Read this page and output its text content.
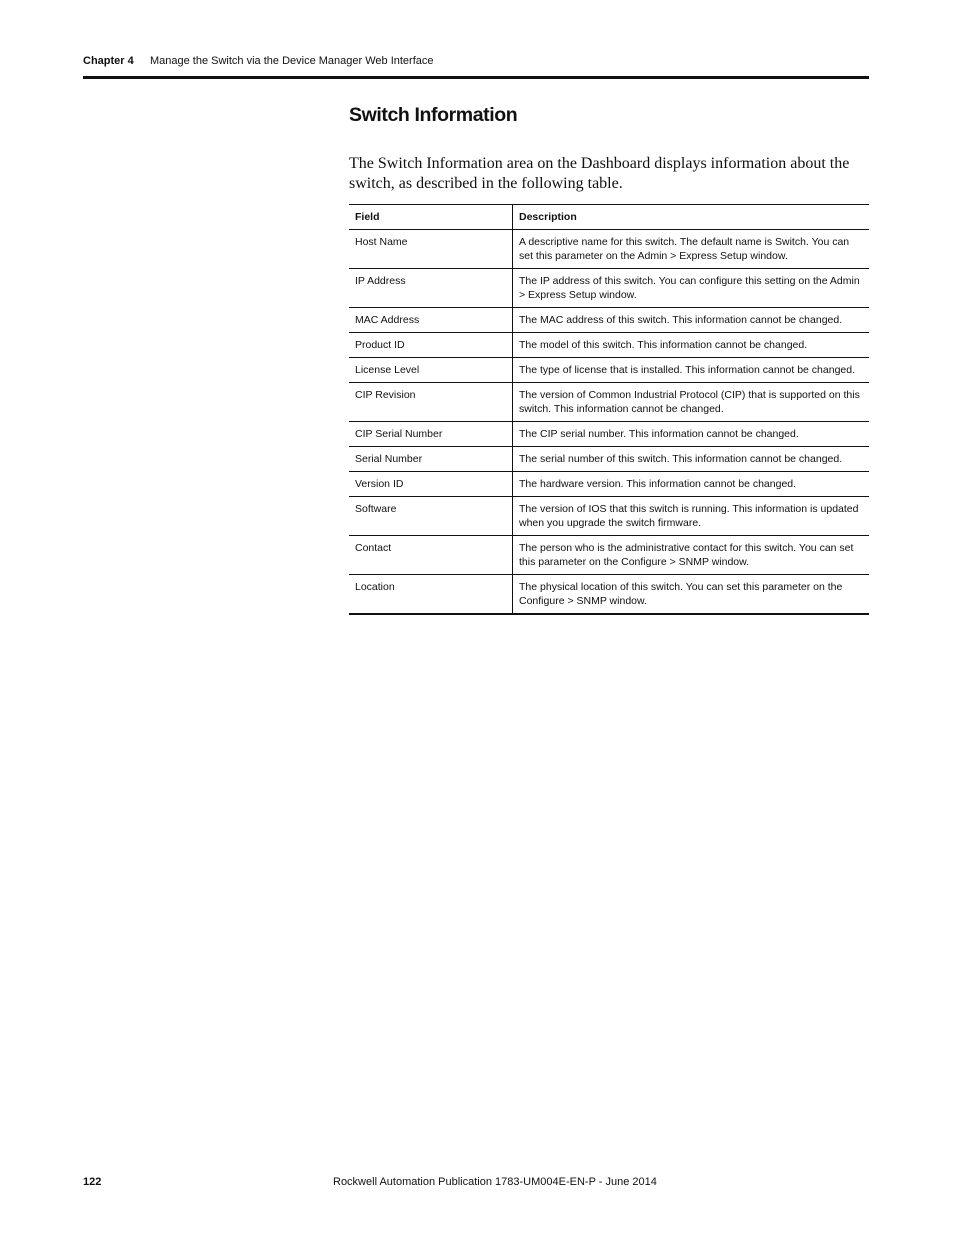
Chapter 4 Manage the Switch via the Device Manager Web Interface
Switch Information
The Switch Information area on the Dashboard displays information about the switch, as described in the following table.
Field	Description
Host Name	A descriptive name for this switch. The default name is Switch. You can set this parameter on the Admin > Express Setup window.
IP Address	The IP address of this switch. You can configure this setting on the Admin > Express Setup window.
MAC Address	The MAC address of this switch. This information cannot be changed.
Product ID	The model of this switch. This information cannot be changed.
License Level	The type of license that is installed. This information cannot be changed.
CIP Revision	The version of Common Industrial Protocol (CIP) that is supported on this switch. This information cannot be changed.
CIP Serial Number	The CIP serial number. This information cannot be changed.
Serial Number	The serial number of this switch. This information cannot be changed.
Version ID	The hardware version. This information cannot be changed.
Software	The version of IOS that this switch is running. This information is updated when you upgrade the switch firmware.
Contact	The person who is the administrative contact for this switch. You can set this parameter on the Configure > SNMP window.
Location	The physical location of this switch. You can set this parameter on the Configure > SNMP window.
122	Rockwell Automation Publication 1783-UM004E-EN-P - June 2014
